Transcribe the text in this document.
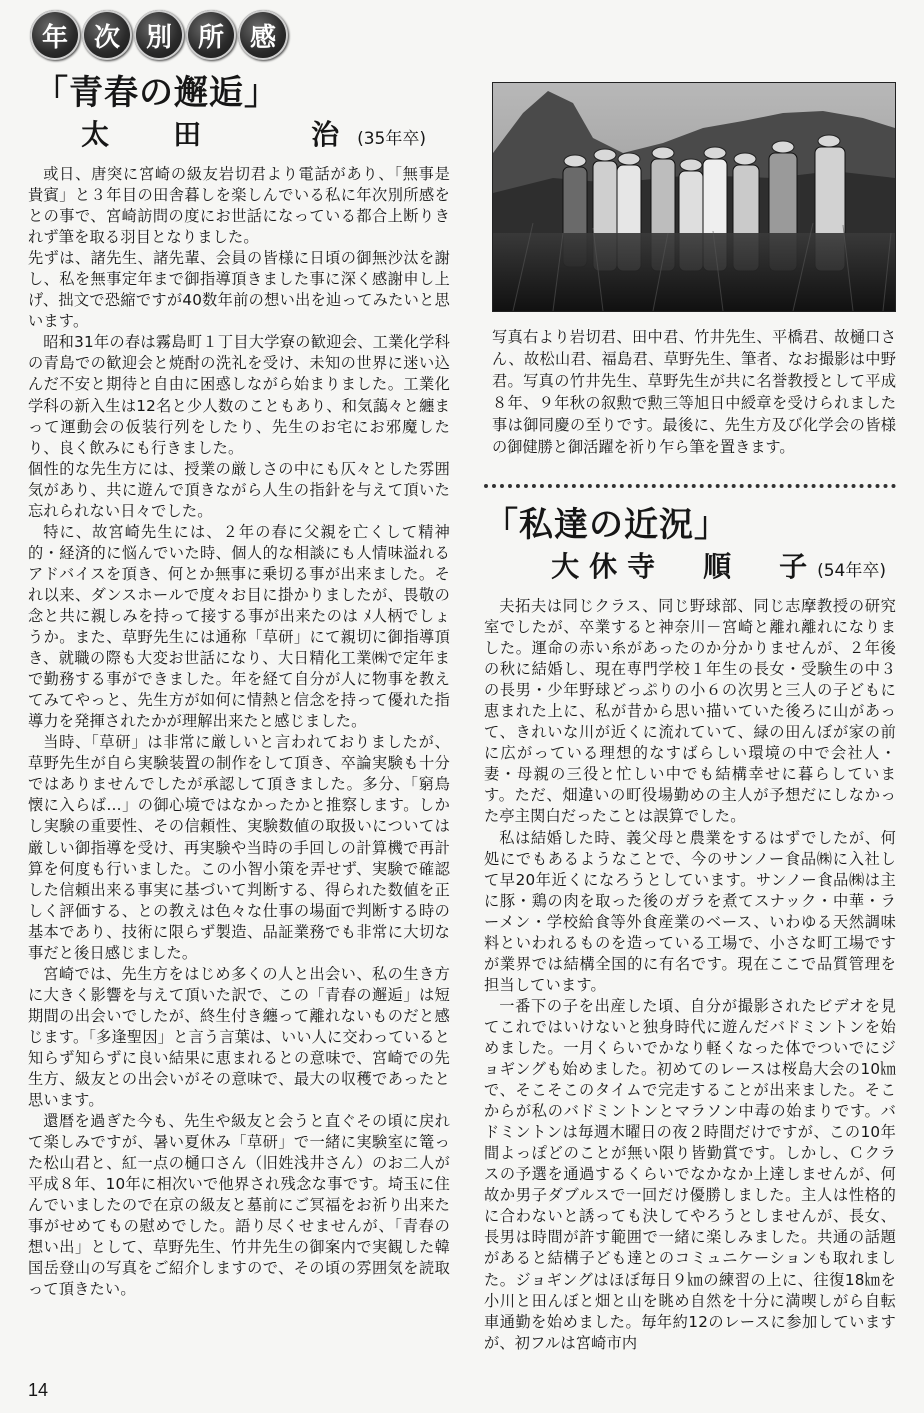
年 次 別 所 感
「青春の邂逅」
太　田　　治(35年卒)

或日、唐突に宮崎の級友岩切君より電話があり、「無事是貴賓」と３年目の田舎暮しを楽しんでいる私に年次別所感をとの事で、宮崎訪問の度にお世話になっている都合上断りきれず筆を取る羽目となりました。

先ずは、諸先生、諸先輩、会員の皆様に日頃の御無沙汰を謝し、私を無事定年まで御指導頂きました事に深く感謝申し上げ、拙文で恐縮ですが40数年前の想い出を辿ってみたいと思います。

昭和31年の春は霧島町１丁目大学寮の歓迎会、工業化学科の青島での歓迎会と焼酎の洗礼を受け、未知の世界に迷い込んだ不安と期待と自由に困惑しながら始まりました。工業化学科の新入生は12名と少人数のこともあり、和気藹々と纏まって運動会の仮装行列をしたり、先生のお宅にお邪魔したり、良く飲みにも行きました。

個性的な先生方には、授業の厳しさの中にも仄々とした雰囲気があり、共に遊んで頂きながら人生の指針を与えて頂いた忘れられない日々でした。

特に、故宮崎先生には、２年の春に父親を亡くして精神的・経済的に悩んでいた時、個人的な相談にも人情味溢れるアドバイスを頂き、何とか無事に乗切る事が出来ました。それ以来、ダンスホールで度々お目に掛かりましたが、畏敬の念と共に親しみを持って接する事が出来たのは ﾒ人柄でしょうか。また、草野先生には通称「草研」にて親切に御指導頂き、就職の際も大変お世話になり、大日精化工業㈱で定年まで勤務する事ができました。年を経て自分が人に物事を教えてみてやっと、先生方が如何に情熱と信念を持って優れた指導力を発揮されたかが理解出来たと感じました。

当時、「草研」は非常に厳しいと言われておりましたが、草野先生が自ら実験装置の制作をして頂き、卒論実験も十分ではありませんでしたが承認して頂きました。多分、「窮鳥懐に入らば…」の御心境ではなかったかと推察します。しかし実験の重要性、その信頼性、実験数値の取扱いについては厳しい御指導を受け、再実験や当時の手回しの計算機で再計算を何度も行いました。この小智小策を弄せず、実験で確認した信頼出来る事実に基づいて判断する、得られた数値を正しく評価する、との教えは色々な仕事の場面で判断する時の基本であり、技術に限らず製造、品証業務でも非常に大切な事だと後日感じました。

宮崎では、先生方をはじめ多くの人と出会い、私の生き方に大きく影響を与えて頂いた訳で、この「青春の邂逅」は短期間の出会いでしたが、終生付き纏って離れないものだと感じます。「多逢聖因」と言う言葉は、いい人に交わっていると知らず知らずに良い結果に恵まれるとの意味で、宮崎での先生方、級友との出会いがその意味で、最大の収穫であったと思います。

還暦を過ぎた今も、先生や級友と会うと直ぐその頃に戻れて楽しみですが、暑い夏休み「草研」で一緒に実験室に篭った松山君と、紅一点の樋口さん（旧姓浅井さん）のお二人が平成８年、10年に相次いで他界され残念な事です。埼玉に住んでいましたので在京の級友と墓前にご冥福をお祈り出来た事がせめてもの慰めでした。語り尽くせませんが、「青春の想い出」として、草野先生、竹井先生の御案内で実観した韓国岳登山の写真をご紹介しますので、その頃の雰囲気を読取って頂きたい。

写真右より岩切君、田中君、竹井先生、平橋君、故樋口さん、故松山君、福島君、草野先生、筆者、なお撮影は中野君。写真の竹井先生、草野先生が共に名誉教授として平成８年、９年秋の叙勲で勲三等旭日中綬章を受けられました事は御同慶の至りです。最後に、先生方及び化学会の皆様の御健勝と御活躍を祈り乍ら筆を置きます。

「私達の近況」
大休寺　順　子(54年卒)

夫拓夫は同じクラス、同じ野球部、同じ志摩教授の研究室でしたが、卒業すると神奈川－宮崎と離れ離れになりました。運命の赤い糸があったのか分かりませんが、２年後の秋に結婚し、現在専門学校１年生の長女・受験生の中３の長男・少年野球どっぷりの小６の次男と三人の子どもに恵まれた上に、私が昔から思い描いていた後ろに山があって、きれいな川が近くに流れていて、緑の田んぼが家の前に広がっている理想的なすばらしい環境の中で会社人・妻・母親の三役と忙しい中でも結構幸せに暮らしています。ただ、畑違いの町役場勤めの主人が予想だにしなかった亭主関白だったことは誤算でした。

私は結婚した時、義父母と農業をするはずでしたが、何処にでもあるようなことで、今のサンノー食品㈱に入社して早20年近くになろうとしています。サンノー食品㈱は主に豚・鶏の肉を取った後のガラを煮てスナック・中華・ラーメン・学校給食等外食産業のベース、いわゆる天然調味料といわれるものを造っている工場で、小さな町工場ですが業界では結構全国的に有名です。現在ここで品質管理を担当しています。

一番下の子を出産した頃、自分が撮影されたビデオを見てこれではいけないと独身時代に遊んだバドミントンを始めました。一月くらいでかなり軽くなった体でついでにジョギングも始めました。初めてのレースは桜島大会の10㎞で、そこそこのタイムで完走することが出来ました。そこからが私のバドミントンとマラソン中毒の始まりです。バドミントンは毎週木曜日の夜２時間だけですが、この10年間よっぽどのことが無い限り皆勤賞です。しかし、Ｃクラスの予選を通過するくらいでなかなか上達しませんが、何故か男子ダブルスで一回だけ優勝しました。主人は性格的に合わないと誘っても決してやろうとしませんが、長女、長男は時間が許す範囲で一緒に楽しみました。共通の話題があると結構子ども達とのコミュニケーションも取れました。ジョギングはほぼ毎日９㎞の練習の上に、往復18㎞を小川と田んぼと畑と山を眺め自然を十分に満喫しがら自転車通勤を始めました。毎年約12のレースに参加していますが、初フルは宮崎市内

14
